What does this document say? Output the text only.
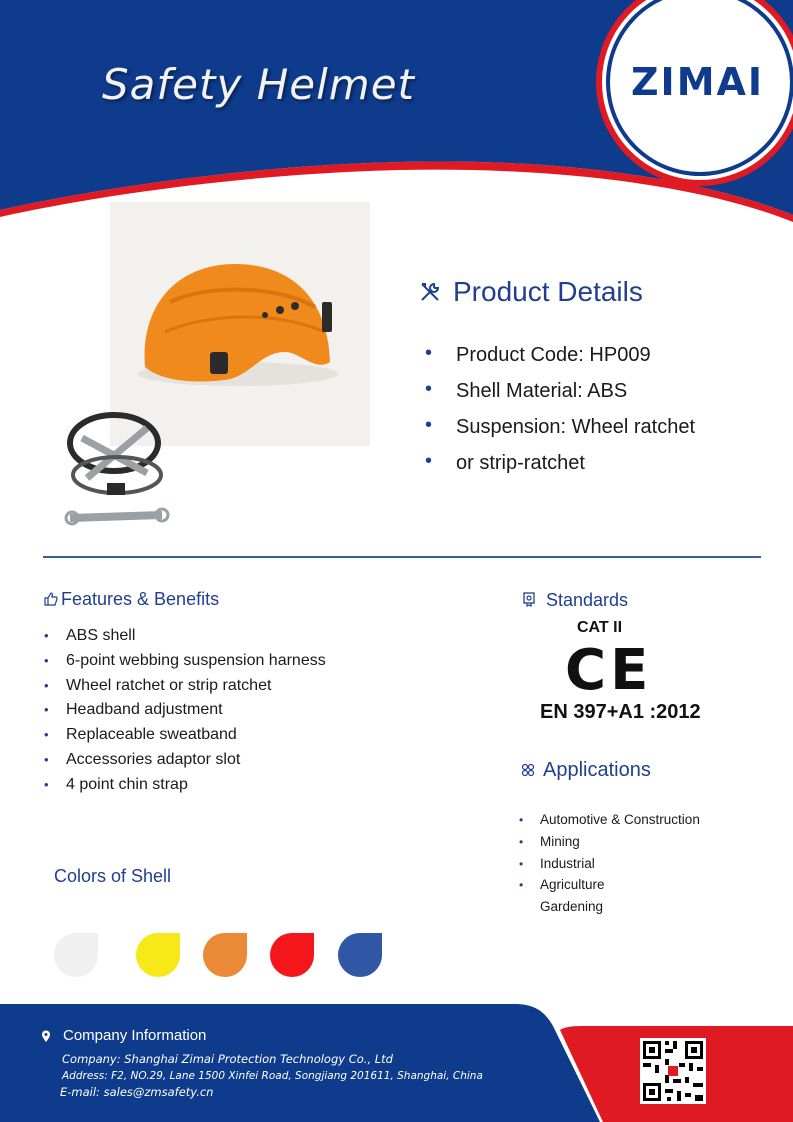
Safety Helmet	ZIMAI
Product Details
• Product Code: HP009
• Shell Material: ABS
• Suspension: Wheel ratchet
• or strip-ratchet
Features & Benefits
• ABS shell
• 6-point webbing suspension harness
• Wheel ratchet or strip ratchet
• Headband adjustment
• Replaceable sweatband
• Accessories adaptor slot
• 4 point chin strap
Standards
CAT II
CE
EN 397+A1 :2012
Applications
• Automotive & Construction
• Mining
• Industrial
• Agriculture
Gardening
Colors of Shell
Company Information
Company: Shanghai Zimai Protection Technology Co., Ltd
Address: F2, NO.29, Lane 1500 Xinfei Road, Songjiang 201611, Shanghai, China
E-mail: sales@zmsafety.cn
